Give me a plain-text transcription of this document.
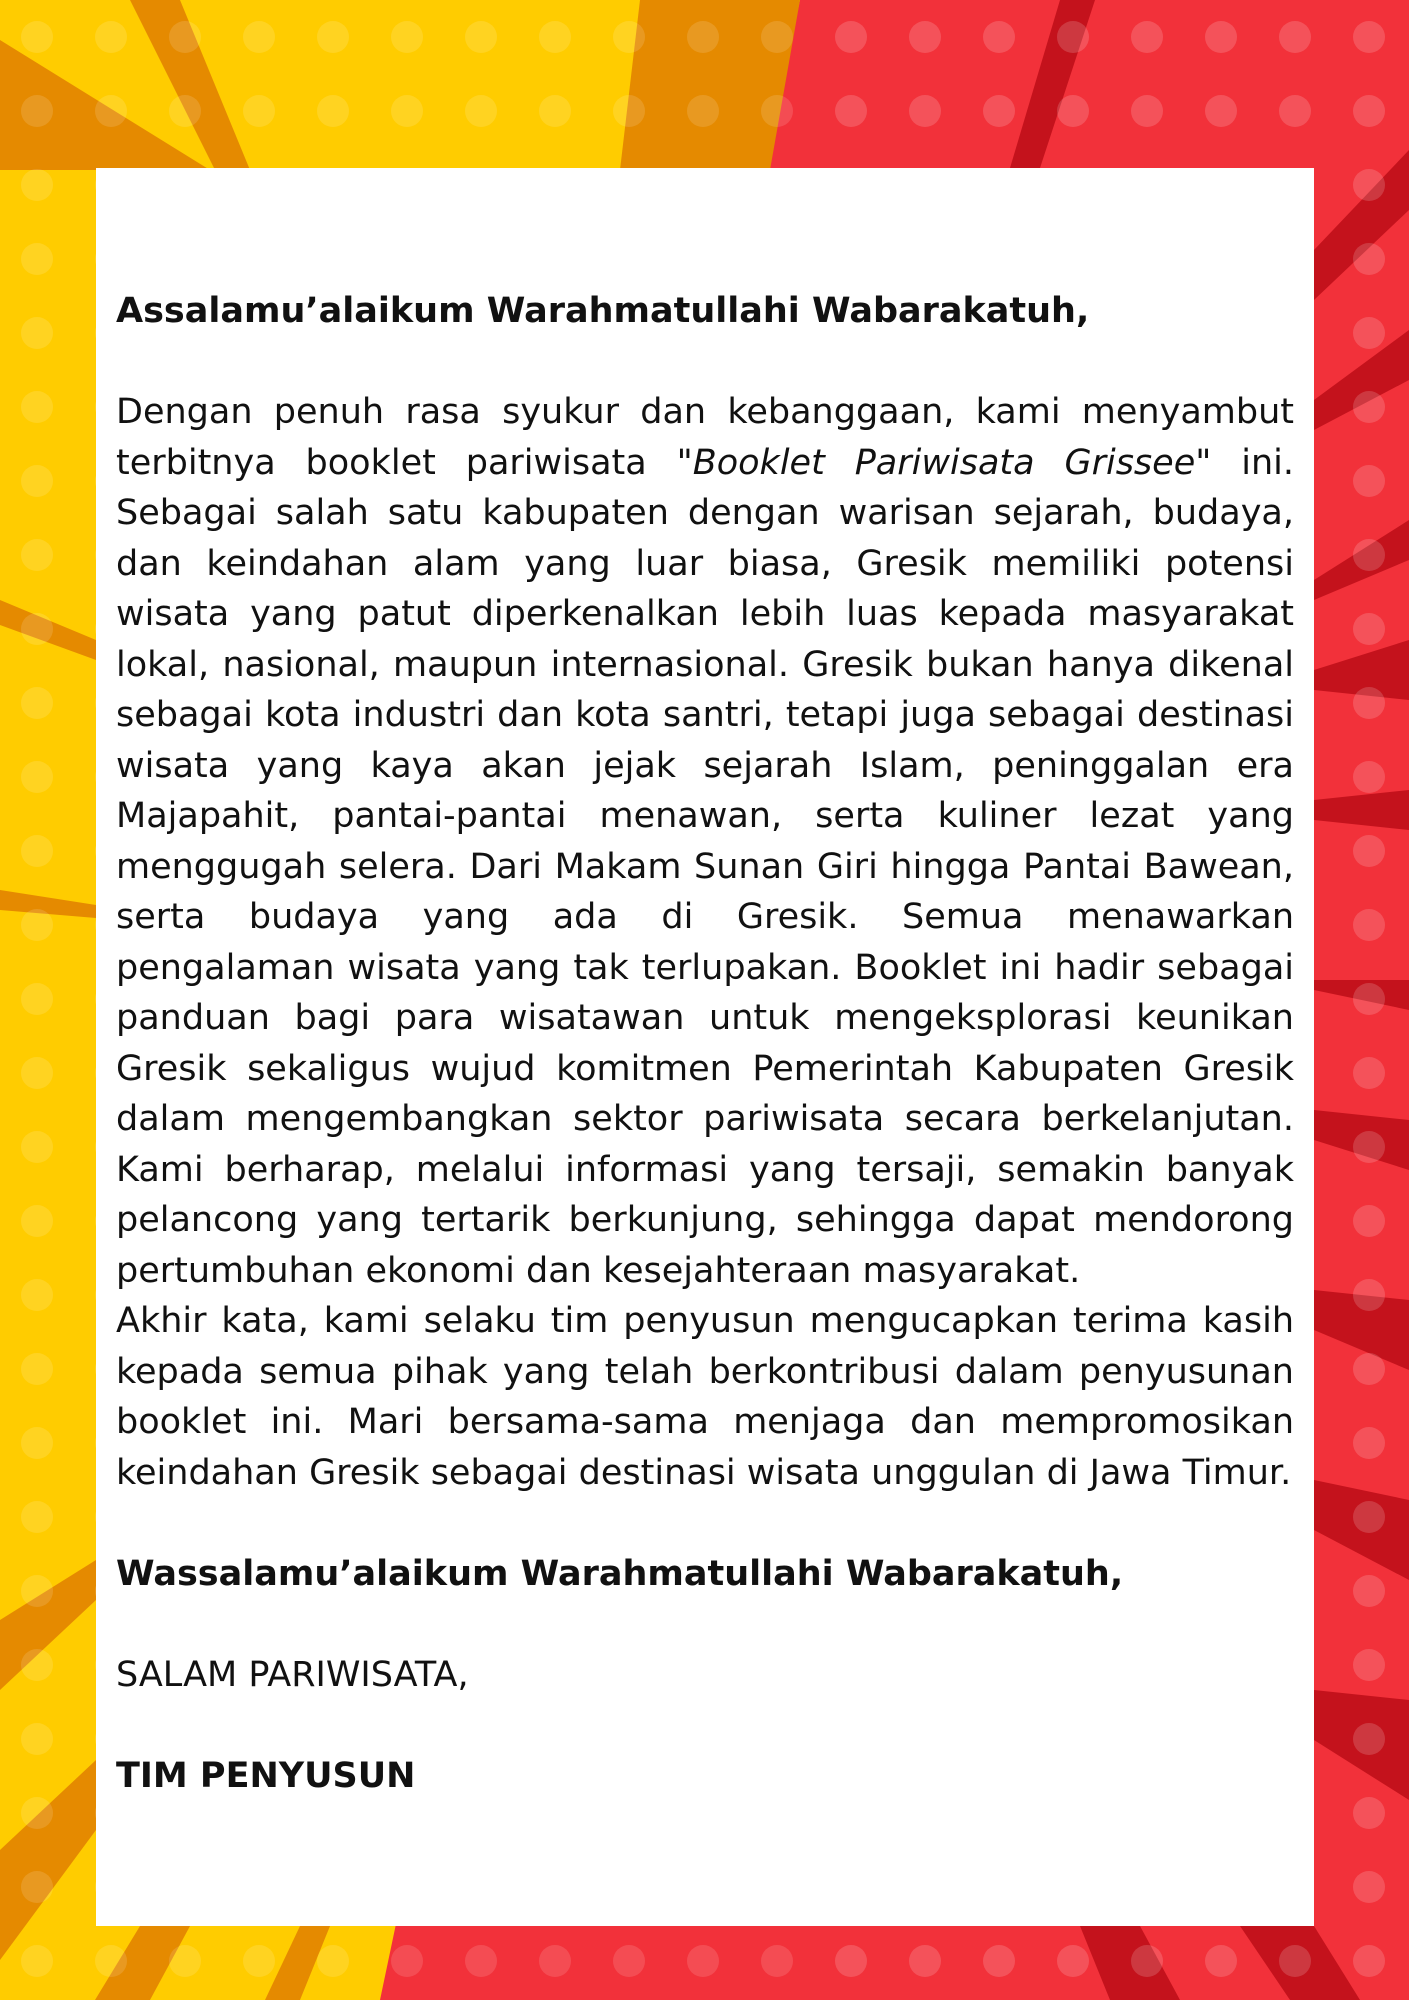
Assalamu’alaikum Warahmatullahi Wabarakatuh,
Dengan penuh rasa syukur dan kebanggaan, kami menyambut terbitnya booklet pariwisata "Booklet Pariwisata Grissee" ini. Sebagai salah satu kabupaten dengan warisan sejarah, budaya, dan keindahan alam yang luar biasa, Gresik memiliki potensi wisata yang patut diperkenalkan lebih luas kepada masyarakat lokal, nasional, maupun internasional. Gresik bukan hanya dikenal sebagai kota industri dan kota santri, tetapi juga sebagai destinasi wisata yang kaya akan jejak sejarah Islam, peninggalan era Majapahit, pantai-pantai menawan, serta kuliner lezat yang menggugah selera. Dari Makam Sunan Giri hingga Pantai Bawean, serta budaya yang ada di Gresik. Semua menawarkan pengalaman wisata yang tak terlupakan. Booklet ini hadir sebagai panduan bagi para wisatawan untuk mengeksplorasi keunikan Gresik sekaligus wujud komitmen Pemerintah Kabupaten Gresik dalam mengembangkan sektor pariwisata secara berkelanjutan. Kami berharap, melalui informasi yang tersaji, semakin banyak pelancong yang tertarik berkunjung, sehingga dapat mendorong pertumbuhan ekonomi dan kesejahteraan masyarakat.
Akhir kata, kami selaku tim penyusun mengucapkan terima kasih kepada semua pihak yang telah berkontribusi dalam penyusunan booklet ini. Mari bersama-sama menjaga dan mempromosikan keindahan Gresik sebagai destinasi wisata unggulan di Jawa Timur.
Wassalamu’alaikum Warahmatullahi Wabarakatuh,
SALAM PARIWISATA,
TIM PENYUSUN
